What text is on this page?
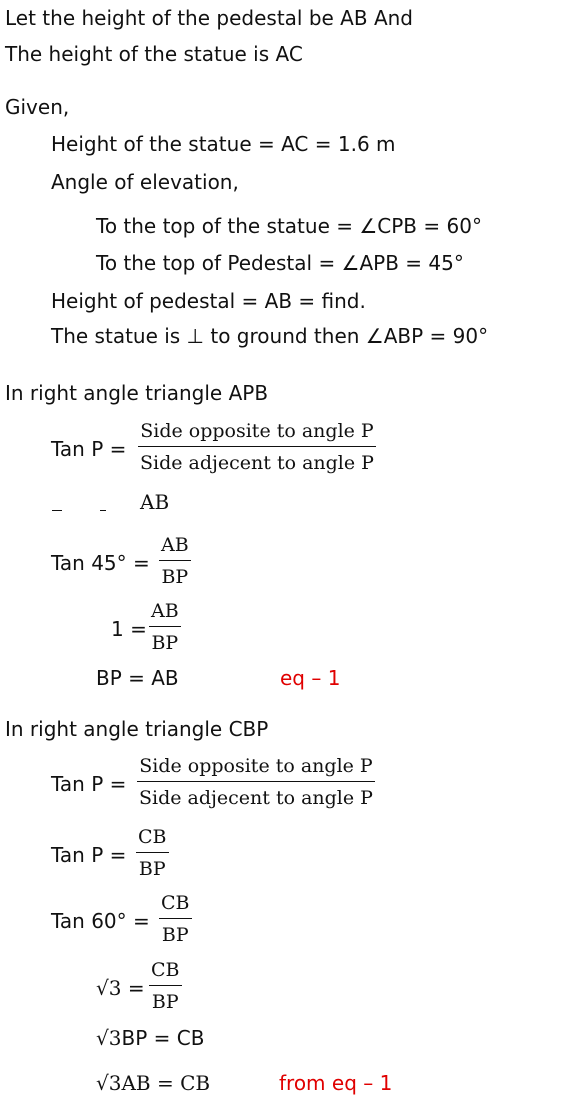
Let the height of the pedestal be AB And
The height of the statue is AC
Given,
Height of the statue = AC = 1.6 m
Angle of elevation,
To the top of the statue = ∠CPB = 60°
To the top of Pedestal = ∠APB = 45°
Height of pedestal = AB = find.
The statue is ⊥ to ground then ∠ABP = 90°
In right angle triangle APB
Tan P =
Side opposite to angle P
Side adjecent to angle P
AB
Tan 45° =
AB
BP
1 =
AB
BP
BP = AB	eq – 1
In right angle triangle CBP
Tan P =
Side opposite to angle P
Side adjecent to angle P
Tan P =
CB
BP
Tan 60° =
CB
BP
√3 =
CB
BP
√3BP = CB
√3AB = CB	from eq – 1
